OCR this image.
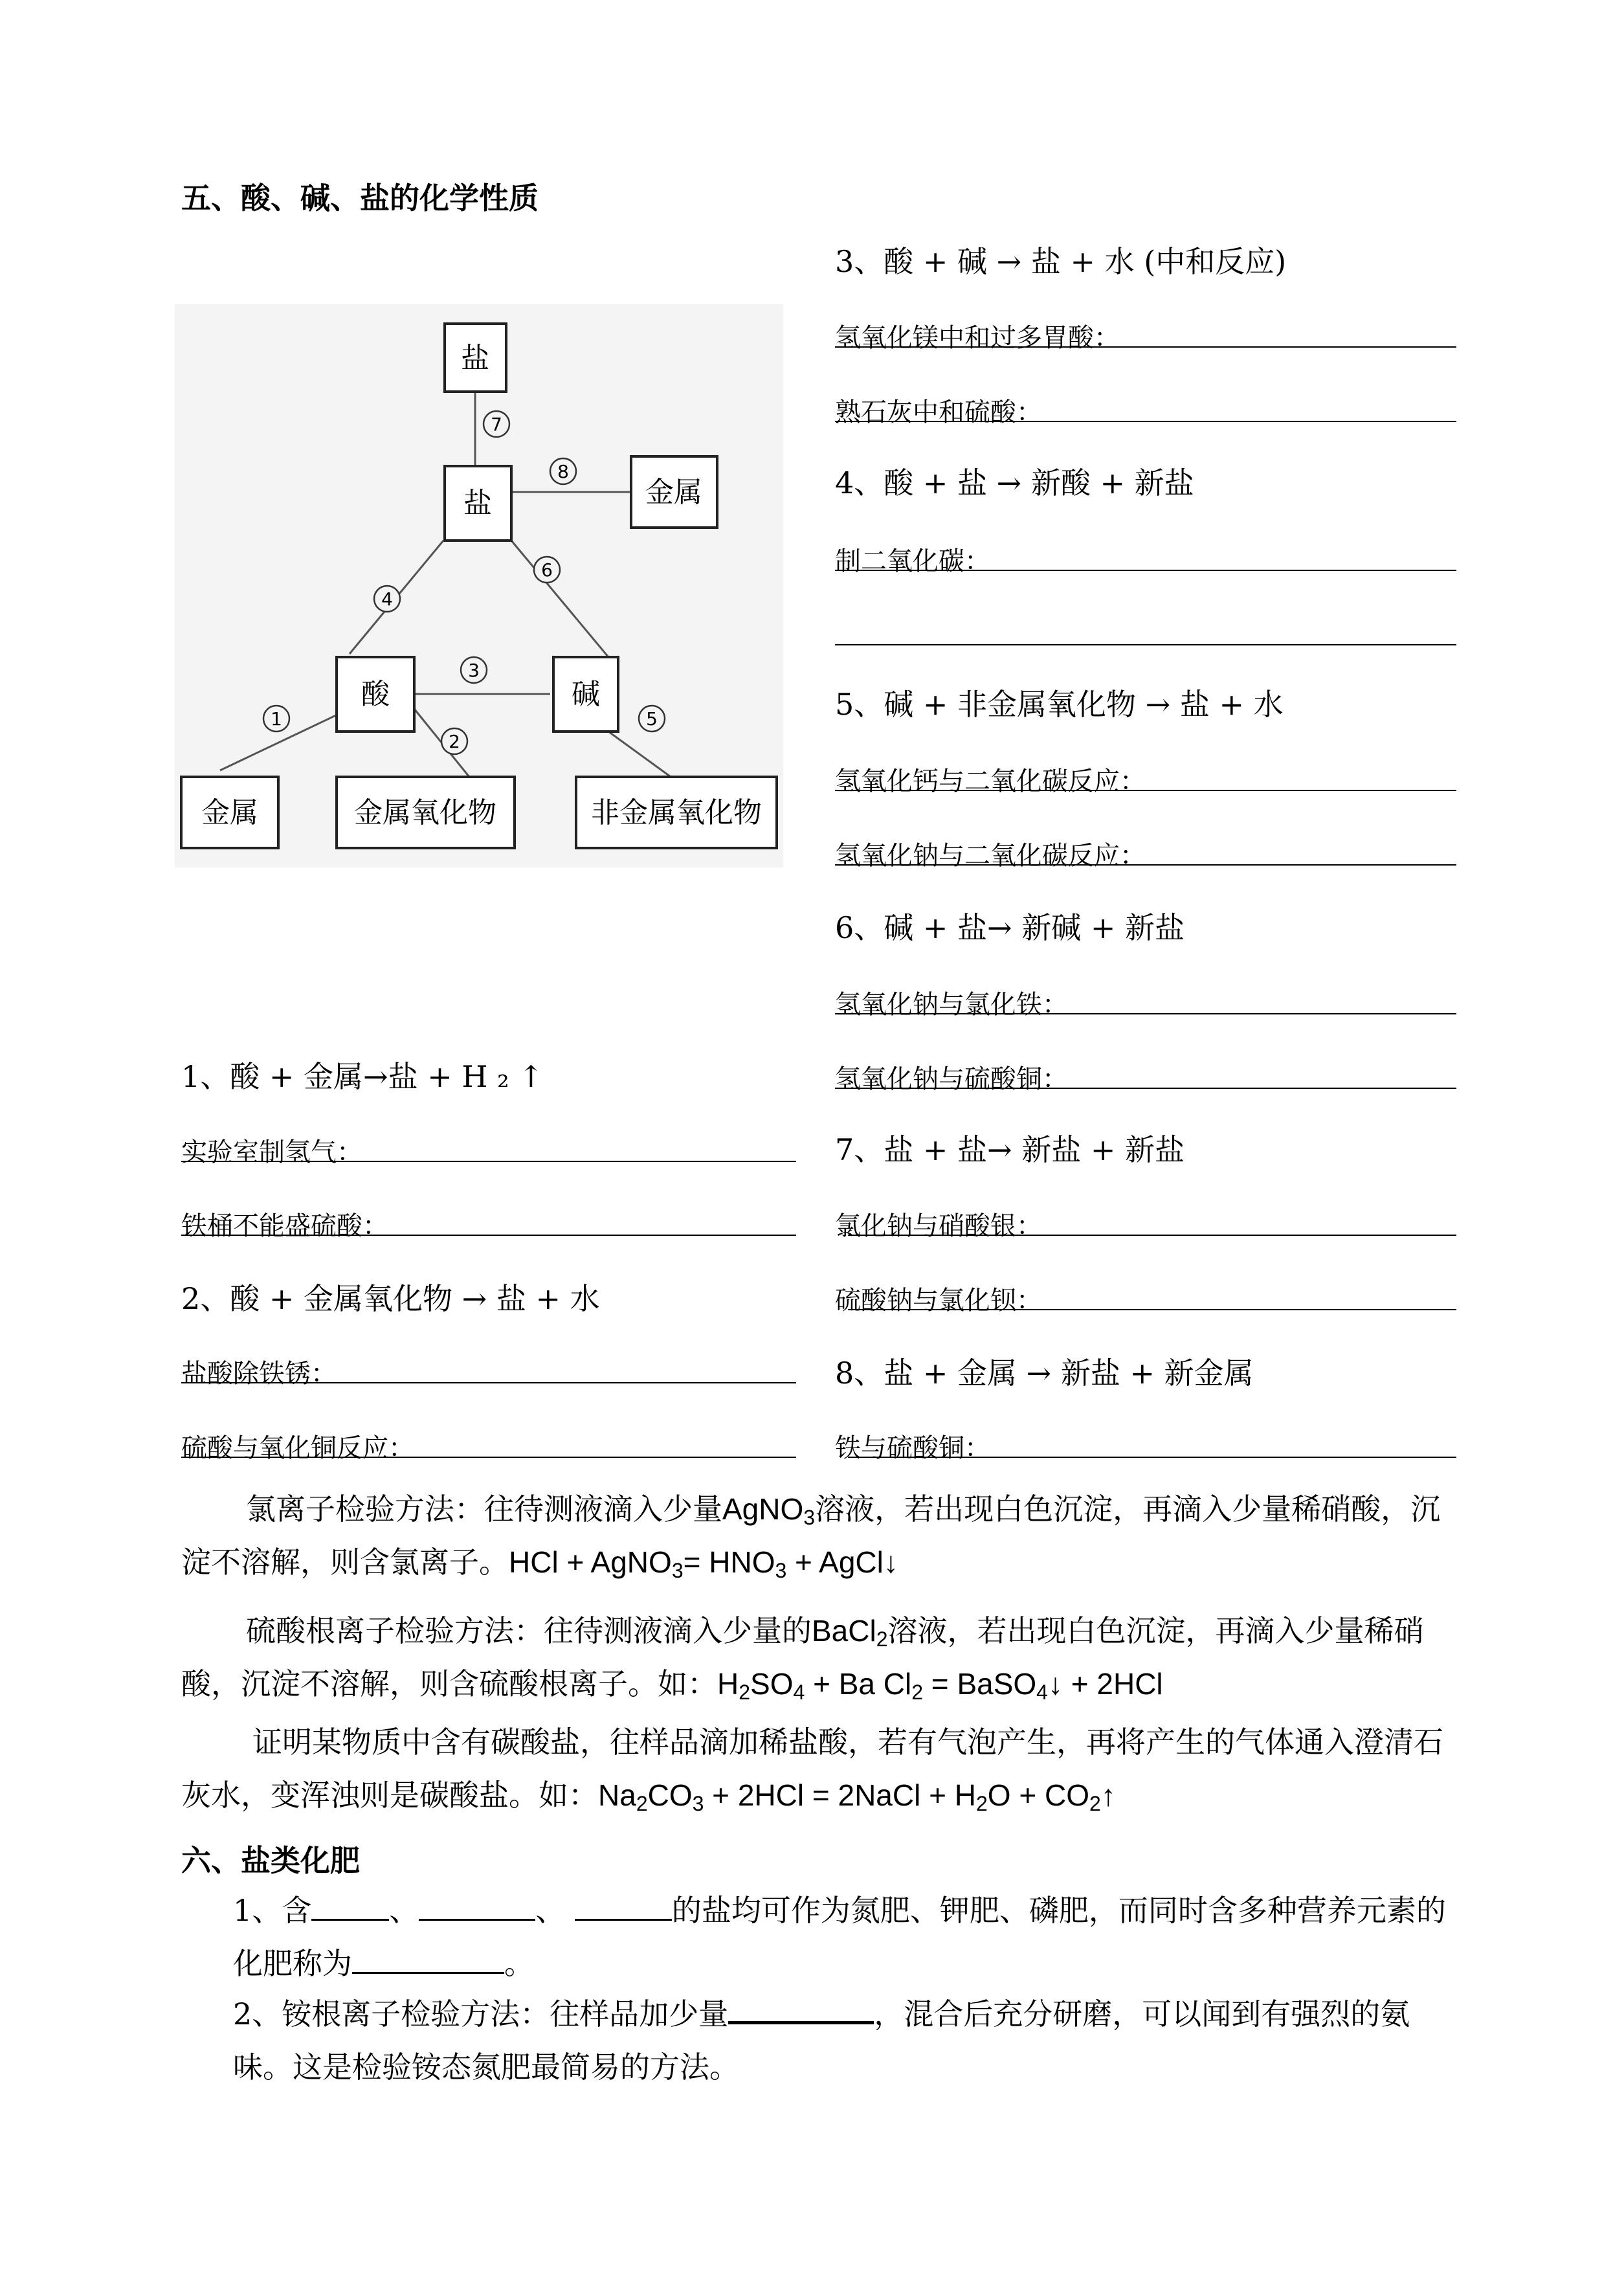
五、酸、碱、盐的化学性质
盐
盐	金属
酸	碱
金属	金属氧化物	非金属氧化物
7
8
4
6
3
1
2
5
3、酸 + 碱 → 盐 + 水 (中和反应)
氢氧化镁中和过多胃酸：
熟石灰中和硫酸：
4、酸 + 盐 → 新酸 + 新盐
制二氧化碳：
5、碱 + 非金属氧化物 → 盐 + 水
氢氧化钙与二氧化碳反应：
氢氧化钠与二氧化碳反应：
6、碱 + 盐→ 新碱 + 新盐
氢氧化钠与氯化铁：
氢氧化钠与硫酸铜：
7、盐 + 盐→ 新盐 + 新盐
氯化钠与硝酸银：
硫酸钠与氯化钡：
8、盐 + 金属 → 新盐 + 新金属
铁与硫酸铜：
1、酸 + 金属→盐 + H ₂ ↑
实验室制氢气：
铁桶不能盛硫酸：
2、酸 + 金属氧化物 → 盐 + 水
盐酸除铁锈：
硫酸与氧化铜反应：
氯离子检验方法：往待测液滴入少量AgNO$_3$溶液，若出现白色沉淀，再滴入少量稀硝酸，沉淀不溶解，则含氯离子。HCl + AgNO$_3$= $HNO_3$ + AgCl↓
硫酸根离子检验方法：往待测液滴入少量的BaCl$_2$溶液，若出现白色沉淀，再滴入少量稀硝酸，沉淀不溶解，则含硫酸根离子。如：$H_2SO_4 + Ba$ $Cl_2$ = BaSO$_4$↓ + 2HCl
证明某物质中含有碳酸盐，往样品滴加稀盐酸，若有气泡产生，再将产生的气体通入澄清石灰水，变浑浊则是碳酸盐。如：$Na_2CO_3 + 2HCl$ = 2NaCl + $H_2O$ + $CO_2↑$
六、盐类化肥
1、含	、	、	的盐均可作为氮肥、钾肥、磷肥，而同时含多种营养元素的化肥称为	。
2、铵根离子检验方法：往样品加少量	，混合后充分研磨，可以闻到有强烈的氨味。这是检验铵态氮肥最简易的方法。
